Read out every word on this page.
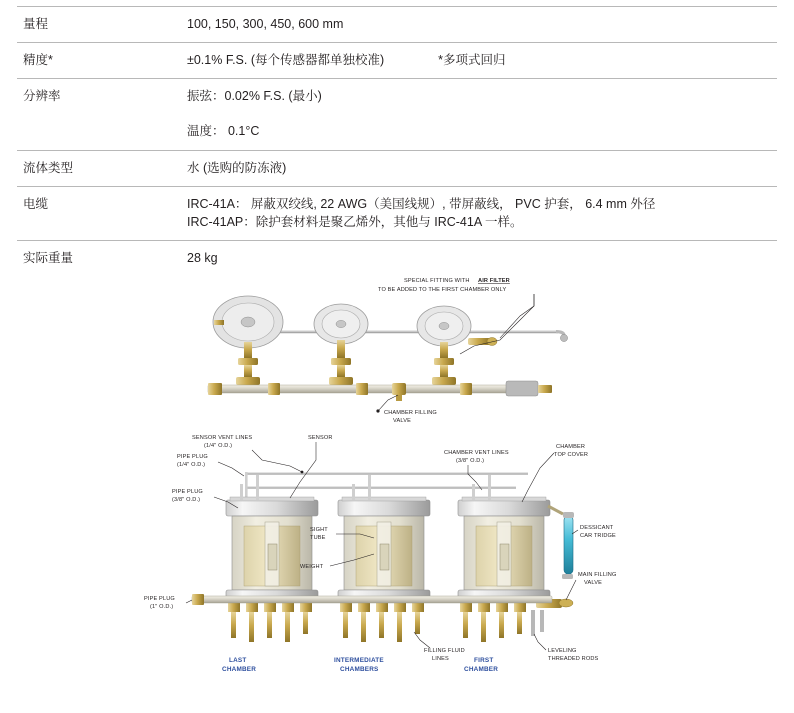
量程	100, 150, 300, 450, 600 mm
精度*	±0.1% F.S. (每个传感器都单独校准) *多项式回归
分辨率	振弦：0.02% F.S. (最小)
	温度： 0.1°C
流体类型	水 (选购的防冻液)
电缆	IRC-41A： 屏蔽双绞线, 22 AWG（美国线规）, 带屏蔽线， PVC 护套， 6.4 mm 外径
IRC-41AP：除护套材料是聚乙烯外，其他与 IRC-41A 一样。

实际重量	28 kg
SPECIAL FITTING WITH AIR FILTER
TO BE ADDED TO THE FIRST CHAMBER ONLY
CHAMBER FILLING
VALVE
LAST
CHAMBER
INTERMEDIATE
CHAMBERS
FIRST
CHAMBER
SENSOR VENT LINES
(1/4" O.D.)
SENSOR
CHAMBER VENT LINES
(3/8" O.D.)
CHAMBER
TOP COVER
PIPE PLUG
(1/4" O.D.)
PIPE PLUG
(3/8" O.D.)
DESSICANT
CAR TRIDGE
SIGHT
TUBE
WEIGHT
MAIN FILLING
VALVE
PIPE PLUG
(1" O.D.)
FILLING FLUID
LINES
LEVELING
THREADED RODS
